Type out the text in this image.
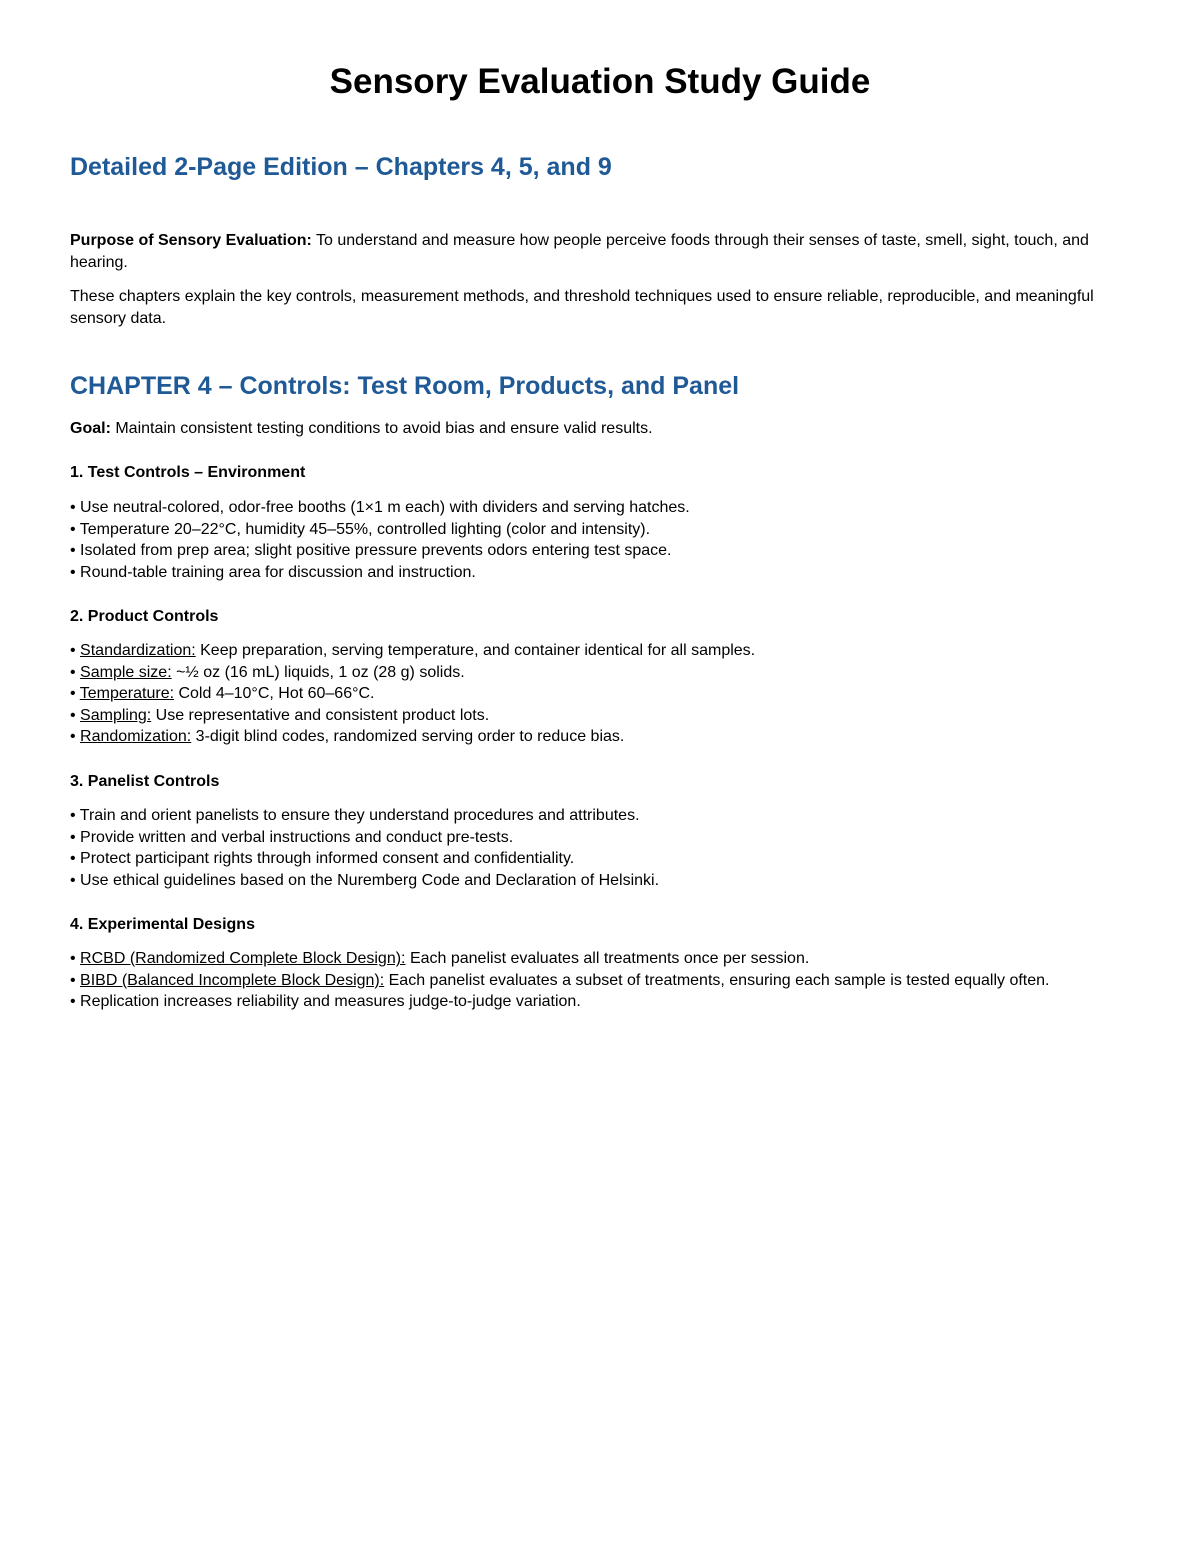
Sensory Evaluation Study Guide
Detailed 2-Page Edition – Chapters 4, 5, and 9

Purpose of Sensory Evaluation: To understand and measure how people perceive foods through their senses of taste, smell, sight, touch, and hearing.

These chapters explain the key controls, measurement methods, and threshold techniques used to ensure reliable, reproducible, and meaningful sensory data.

CHAPTER 4 – Controls: Test Room, Products, and Panel

Goal: Maintain consistent testing conditions to avoid bias and ensure valid results.

1. Test Controls – Environment
• Use neutral-colored, odor-free booths (1×1 m each) with dividers and serving hatches.
• Temperature 20–22°C, humidity 45–55%, controlled lighting (color and intensity).
• Isolated from prep area; slight positive pressure prevents odors entering test space.
• Round-table training area for discussion and instruction.
2. Product Controls
• Standardization: Keep preparation, serving temperature, and container identical for all samples.
• Sample size: ~½ oz (16 mL) liquids, 1 oz (28 g) solids.
• Temperature: Cold 4–10°C, Hot 60–66°C.
• Sampling: Use representative and consistent product lots.
• Randomization: 3-digit blind codes, randomized serving order to reduce bias.
3. Panelist Controls
• Train and orient panelists to ensure they understand procedures and attributes.
• Provide written and verbal instructions and conduct pre-tests.
• Protect participant rights through informed consent and confidentiality.
• Use ethical guidelines based on the Nuremberg Code and Declaration of Helsinki.
4. Experimental Designs
• RCBD (Randomized Complete Block Design): Each panelist evaluates all treatments once per session.
• BIBD (Balanced Incomplete Block Design): Each panelist evaluates a subset of treatments, ensuring each sample is tested equally often.
• Replication increases reliability and measures judge-to-judge variation.
